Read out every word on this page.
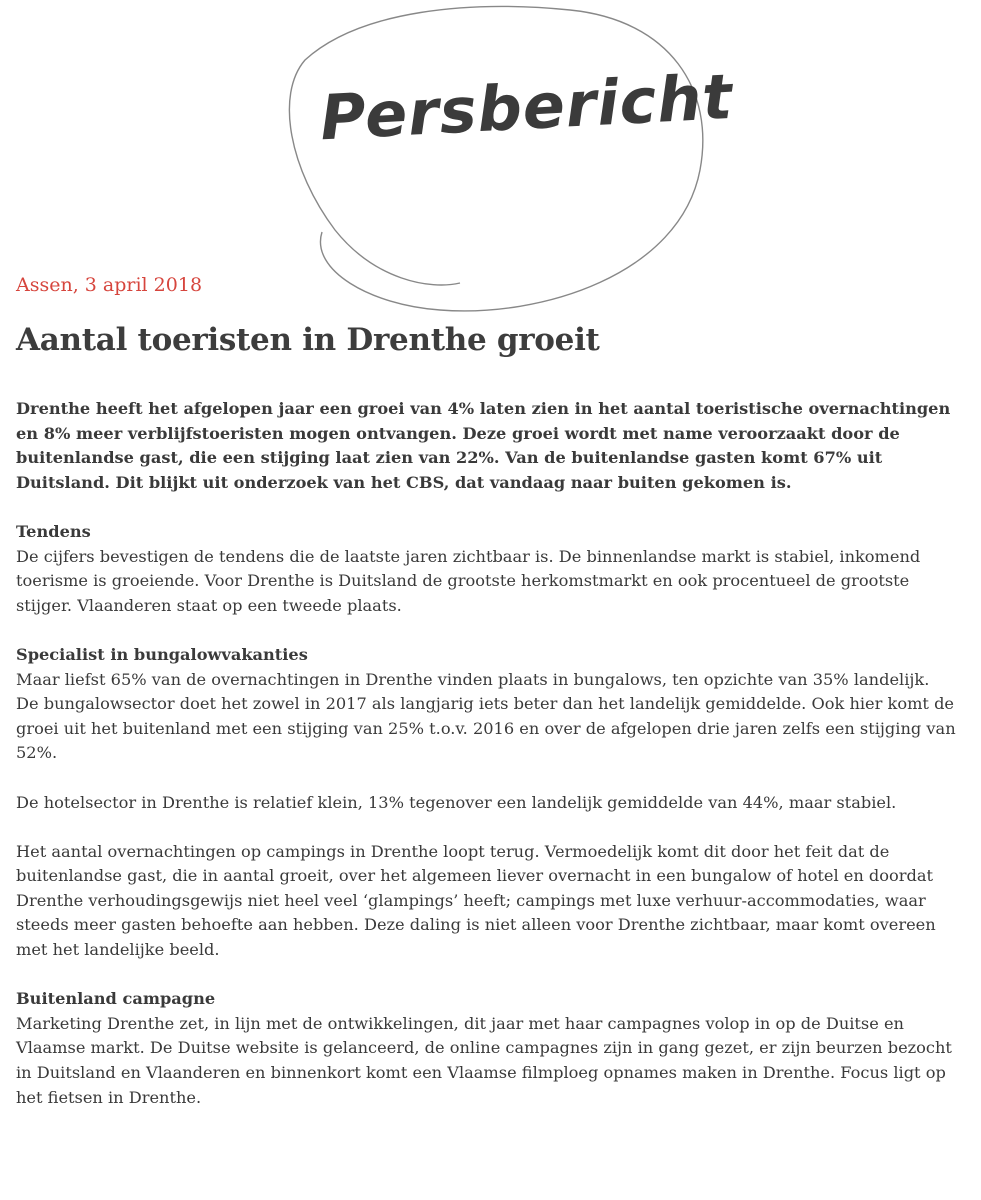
Persbericht
Assen, 3 april 2018
Aantal toeristen in Drenthe groeit

Drenthe heeft het afgelopen jaar een groei van 4% laten zien in het aantal toeristische overnachtingen en 8% meer verblijfstoeristen mogen ontvangen. Deze groei wordt met name veroorzaakt door de buitenlandse gast, die een stijging laat zien van 22%. Van de buitenlandse gasten komt 67% uit Duitsland. Dit blijkt uit onderzoek van het CBS, dat vandaag naar buiten gekomen is.

Tendens

De cijfers bevestigen de tendens die de laatste jaren zichtbaar is. De binnenlandse markt is stabiel, inkomend toerisme is groeiende. Voor Drenthe is Duitsland de grootste herkomstmarkt en ook procentueel de grootste stijger. Vlaanderen staat op een tweede plaats.

Specialist in bungalowvakanties

Maar liefst 65% van de overnachtingen in Drenthe vinden plaats in bungalows, ten opzichte van 35% landelijk. De bungalowsector doet het zowel in 2017 als langjarig iets beter dan het landelijk gemiddelde. Ook hier komt de groei uit het buitenland met een stijging van 25% t.o.v. 2016 en over de afgelopen drie jaren zelfs een stijging van 52%.

De hotelsector in Drenthe is relatief klein, 13% tegenover een landelijk gemiddelde van 44%, maar stabiel.

Het aantal overnachtingen op campings in Drenthe loopt terug. Vermoedelijk komt dit door het feit dat de buitenlandse gast, die in aantal groeit, over het algemeen liever overnacht in een bungalow of hotel en doordat Drenthe verhoudingsgewijs niet heel veel ‘glampings’ heeft; campings met luxe verhuur-accommodaties, waar steeds meer gasten behoefte aan hebben. Deze daling is niet alleen voor Drenthe zichtbaar, maar komt overeen met het landelijke beeld.

Buitenland campagne

Marketing Drenthe zet, in lijn met de ontwikkelingen, dit jaar met haar campagnes volop in op de Duitse en Vlaamse markt. De Duitse website is gelanceerd, de online campagnes zijn in gang gezet, er zijn beurzen bezocht in Duitsland en Vlaanderen en binnenkort komt een Vlaamse filmploeg opnames maken in Drenthe. Focus ligt op het fietsen in Drenthe.
